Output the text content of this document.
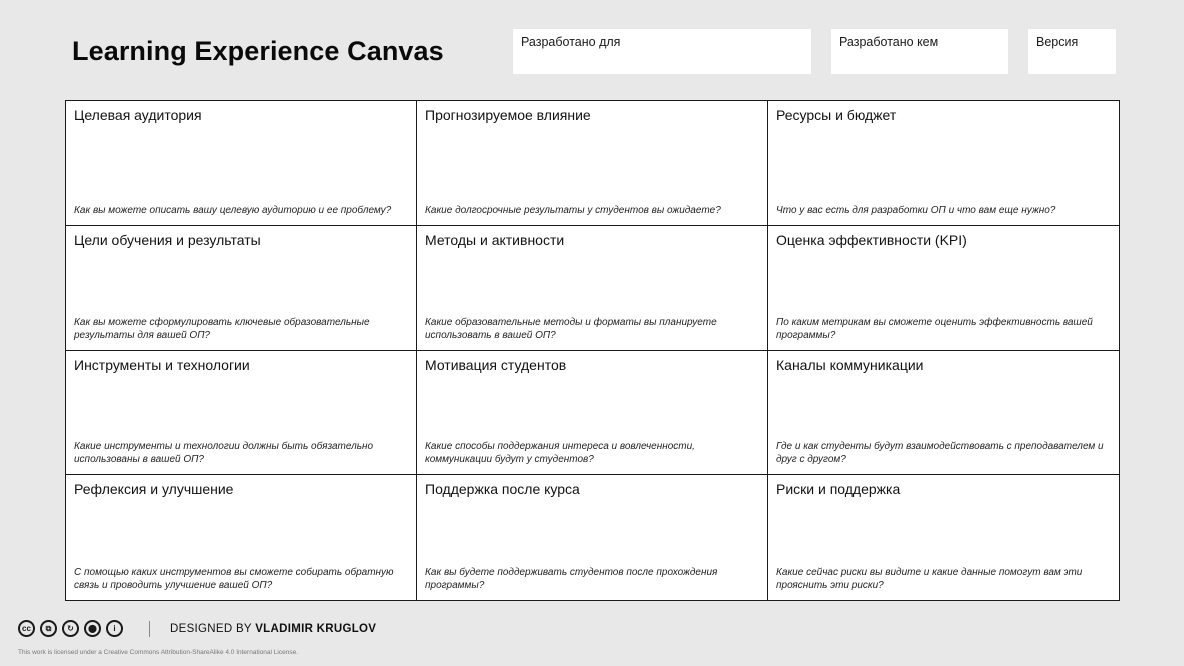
Learning Experience Canvas	Разработано для	Разработано кем	Версия
Целевая аудитория
Как вы можете описать вашу целевую аудиторию и ее проблему?
Прогнозируемое влияние
Какие долгосрочные результаты у студентов вы ожидаете?
Ресурсы и бюджет
Что у вас есть для разработки ОП и что вам еще нужно?
Цели обучения и результаты
Как вы можете сформулировать ключевые образовательные результаты для вашей ОП?
Методы и активности
Какие образовательные методы и форматы вы планируете использовать в вашей ОП?
Оценка эффективности (KPI)
По каким метрикам вы сможете оценить эффективность вашей программы?
Инструменты и технологии
Какие инструменты и технологии должны быть обязательно использованы в вашей ОП?
Мотивация студентов
Какие способы поддержания интереса и вовлеченности, коммуникации будут у студентов?
Каналы коммуникации
Где и как студенты будут взаимодействовать с преподавателем и друг с другом?
Рефлексия и улучшение
С помощью каких инструментов вы сможете собирать обратную связь и проводить улучшение вашей ОП?
Поддержка после курса
Как вы будете поддерживать студентов после прохождения программы?
Риски и поддержка
Какие сейчас риски вы видите и какие данные помогут вам эти прояснить эти риски?
cc	⧉	↻	⬤	i	DESIGNED BY VLADIMIR KRUGLOV
This work is licensed under a Creative Commons Attribution-ShareAlike 4.0 International License.
